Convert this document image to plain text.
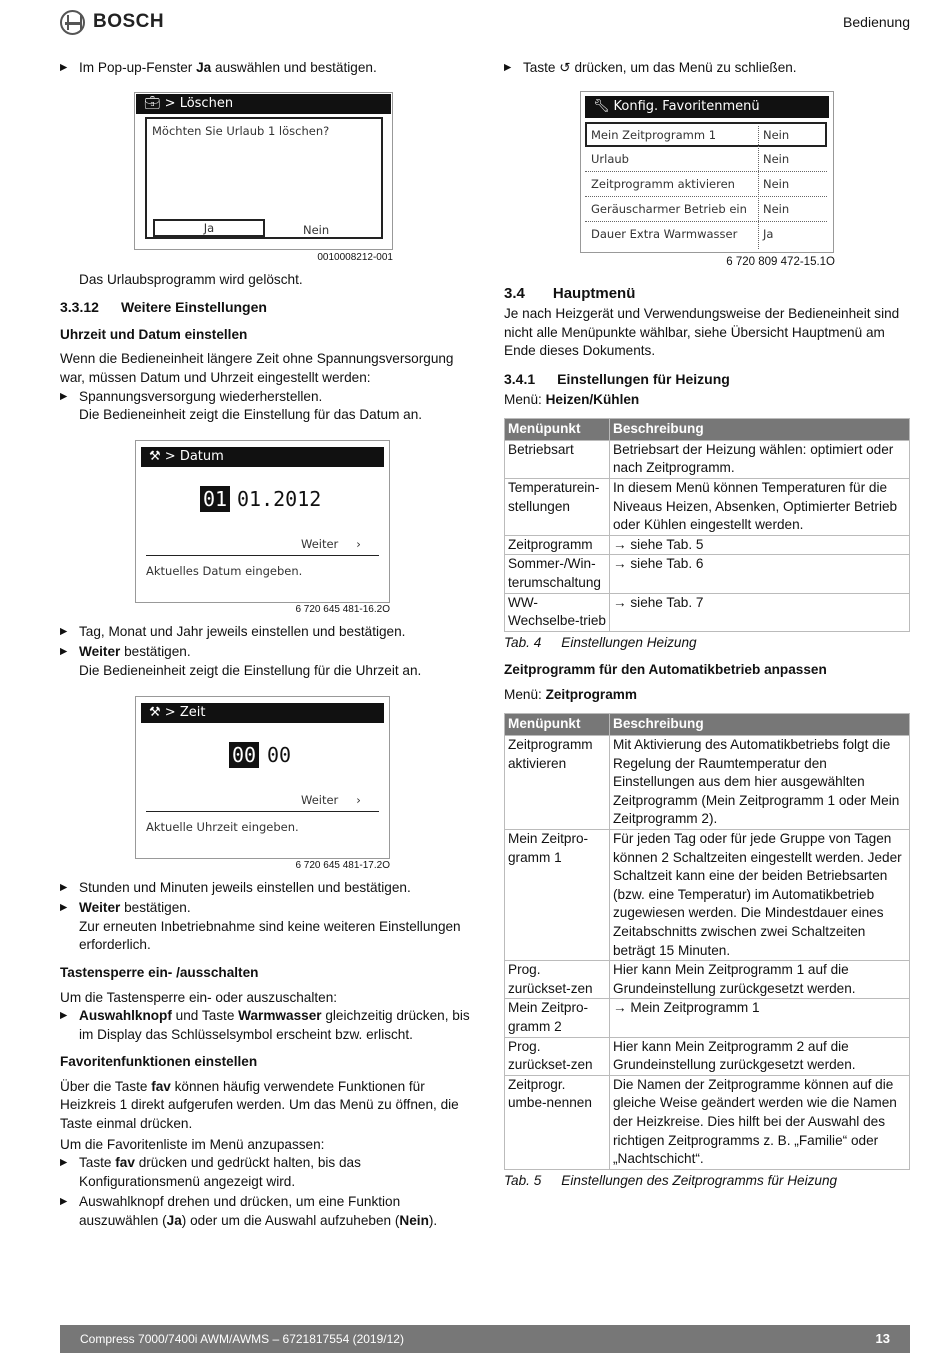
BOSCH	Bedienung

▶ Im Pop-up-Fenster Ja auswählen und bestätigen.

💼︎ > Löschen
Möchten Sie Urlaub 1 löschen?
Ja	Nein
0010008212-001

Das Urlaubsprogramm wird gelöscht.

3.3.12 Weitere Einstellungen

Uhrzeit und Datum einstellen

Wenn die Bedieneinheit längere Zeit ohne Spannungsversorgung war, müssen Datum und Uhrzeit eingestellt werden:

▶ Spannungsversorgung wiederherstellen.

Die Bedieneinheit zeigt die Einstellung für das Datum an.

⚒︎ > Datum
01 01.2012
Weiter ›
Aktuelles Datum eingeben.
6 720 645 481-16.2O

▶ Tag, Monat und Jahr jeweils einstellen und bestätigen.

▶ Weiter bestätigen.

Die Bedieneinheit zeigt die Einstellung für die Uhrzeit an.

⚒︎ > Zeit
00 00
Weiter ›
Aktuelle Uhrzeit eingeben.
6 720 645 481-17.2O

▶ Stunden und Minuten jeweils einstellen und bestätigen.

▶ Weiter bestätigen.

Zur erneuten Inbetriebnahme sind keine weiteren Einstellungen erforderlich.

Tastensperre ein- /ausschalten

Um die Tastensperre ein- oder auszuschalten:

▶ Auswahlknopf und Taste Warmwasser gleichzeitig drücken, bis im Display das Schlüsselsymbol erscheint bzw. erlischt.

Favoritenfunktionen einstellen

Über die Taste fav können häufig verwendete Funktionen für Heizkreis 1 direkt aufgerufen werden. Um das Menü zu öffnen, die Taste einmal drücken.

Um die Favoritenliste im Menü anzupassen:

▶ Taste fav drücken und gedrückt halten, bis das Konfigurationsmenü angezeigt wird.

▶ Auswahlknopf drehen und drücken, um eine Funktion auszuwählen (Ja) oder um die Auswahl aufzuheben (Nein).

▶ Taste ↺ drücken, um das Menü zu schließen.

🔧︎ Konfig. Favoritenmenü
Mein Zeitprogramm 1	Nein
Urlaub	Nein
Zeitprogramm aktivieren Nein
Geräuscharmer Betrieb ein Nein
Dauer Extra Warmwasser Ja
6 720 809 472-15.1O
3.4 Hauptmenü

Je nach Heizgerät und Verwendungsweise der Bedieneinheit sind nicht alle Menüpunkte wählbar, siehe Übersicht Hauptmenü am Ende dieses Dokuments.

3.4.1 Einstellungen für Heizung

Menü: Heizen/Kühlen

Menüpunkt	Beschreibung
Betriebsart	Betriebsart der Heizung wählen: optimiert oder nach Zeitprogramm.
Temperaturein-stellungen	In diesem Menü können Temperaturen für die Niveaus Heizen, Absenken, Optimierter Betrieb oder Kühlen eingestellt werden.
Zeitprogramm	→ siehe Tab. 5
Sommer-/Win-terumschaltung	→ siehe Tab. 6
WW-Wechselbe-trieb	→ siehe Tab. 7

Tab. 4 Einstellungen Heizung

Zeitprogramm für den Automatikbetrieb anpassen

Menü: Zeitprogramm

Menüpunkt	Beschreibung
Zeitprogramm aktivieren	Mit Aktivierung des Automatikbetriebs folgt die Regelung der Raumtemperatur den Einstellungen aus dem hier ausgewählten Zeitprogramm (Mein Zeitprogramm 1 oder Mein Zeitprogramm 2).
Mein Zeitpro-gramm 1	Für jeden Tag oder für jede Gruppe von Tagen können 2 Schaltzeiten eingestellt werden. Jeder Schaltzeit kann eine der beiden Betriebsarten (bzw. eine Temperatur) im Automatikbetrieb zugewiesen werden. Die Mindestdauer eines Zeitabschnitts zwischen zwei Schaltzeiten beträgt 15 Minuten.
Prog. zurückset-zen	Hier kann Mein Zeitprogramm 1 auf die Grundeinstellung zurückgesetzt werden.
Mein Zeitpro-gramm 2	→ Mein Zeitprogramm 1
Prog. zurückset-zen	Hier kann Mein Zeitprogramm 2 auf die Grundeinstellung zurückgesetzt werden.
Zeitprogr. umbe-nennen	Die Namen der Zeitprogramme können auf die gleiche Weise geändert werden wie die Namen der Heizkreise. Dies hilft bei der Auswahl des richtigen Zeitprogramms z. B. „Familie“ oder „Nachtschicht“.

Tab. 5 Einstellungen des Zeitprogramms für Heizung

Compress 7000/7400i AWM/AWMS – 6721817554 (2019/12)	13
